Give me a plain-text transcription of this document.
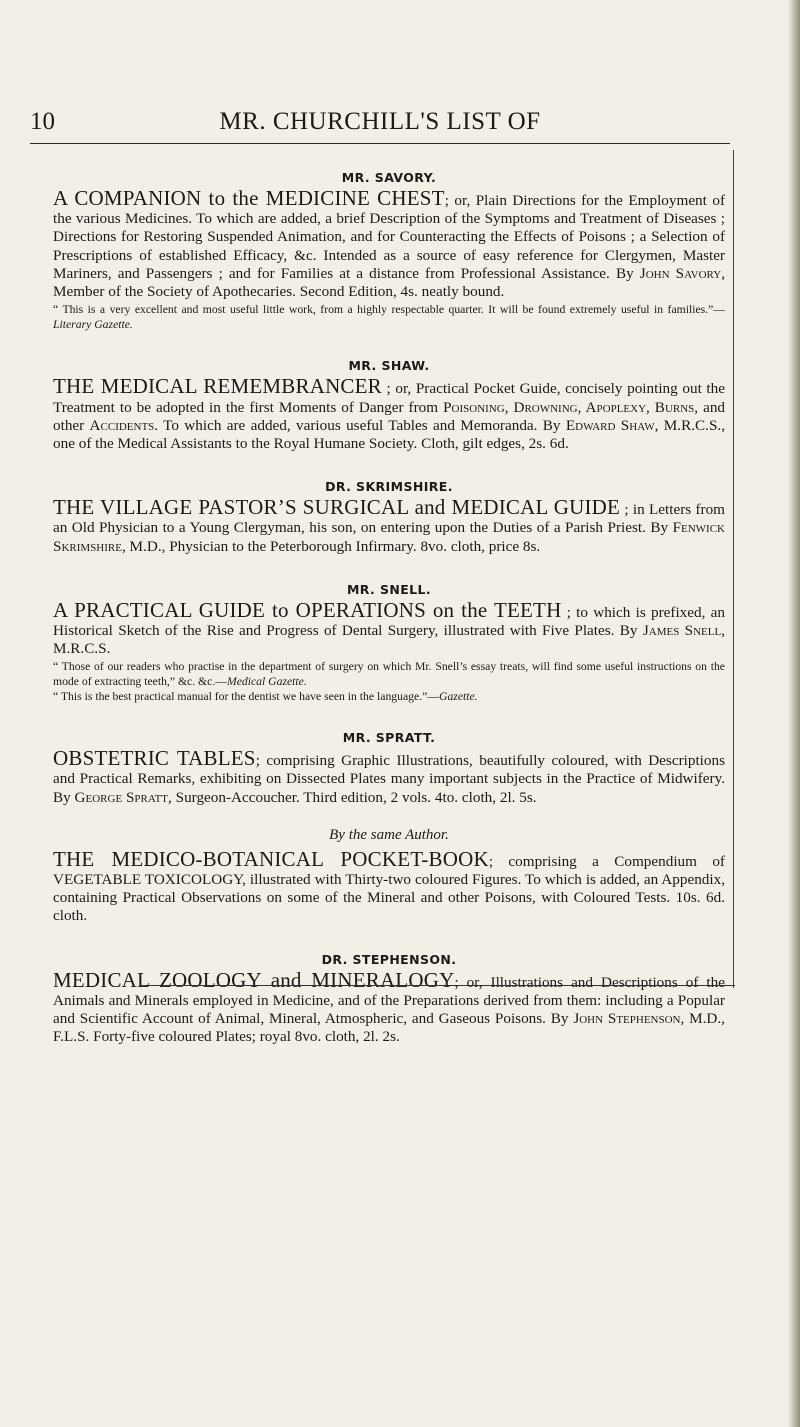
10	MR. CHURCHILL'S LIST OF
MR. SAVORY.

A COMPANION to the MEDICINE CHEST; or, Plain Directions for the Employment of the various Medicines. To which are added, a brief Description of the Symptoms and Treatment of Diseases ; Directions for Restoring Suspended Animation, and for Counteracting the Effects of Poisons ; a Selection of Prescriptions of established Efficacy, &c. Intended as a source of easy reference for Clergymen, Master Mariners, and Passengers ; and for Families at a distance from Professional Assistance. By John Savory, Member of the Society of Apothecaries. Second Edition, 4s. neatly bound.

“ This is a very excellent and most useful little work, from a highly respectable quarter. It will be found extremely useful in families.”—Literary Gazette.

MR. SHAW.

THE MEDICAL REMEMBRANCER ; or, Practical Pocket Guide, concisely pointing out the Treatment to be adopted in the first Moments of Danger from Poisoning, Drowning, Apoplexy, Burns, and other Accidents. To which are added, various useful Tables and Memoranda. By Edward Shaw, M.R.C.S., one of the Medical Assistants to the Royal Humane Society. Cloth, gilt edges, 2s. 6d.

DR. SKRIMSHIRE.

THE VILLAGE PASTOR’S SURGICAL and MEDICAL GUIDE ; in Letters from an Old Physician to a Young Clergyman, his son, on entering upon the Duties of a Parish Priest. By Fenwick Skrimshire, M.D., Physician to the Peterborough Infirmary. 8vo. cloth, price 8s.

MR. SNELL.

A PRACTICAL GUIDE to OPERATIONS on the TEETH ; to which is prefixed, an Historical Sketch of the Rise and Progress of Dental Surgery, illustrated with Five Plates. By James Snell, M.R.C.S.

“ Those of our readers who practise in the department of surgery on which Mr. Snell’s essay treats, will find some useful instructions on the mode of extracting teeth,” &c. &c.—Medical Gazette.

“ This is the best practical manual for the dentist we have seen in the language.”—Gazette.

MR. SPRATT.

OBSTETRIC TABLES; comprising Graphic Illustrations, beautifully coloured, with Descriptions and Practical Remarks, exhibiting on Dissected Plates many important subjects in the Practice of Midwifery. By George Spratt, Surgeon-Accoucher. Third edition, 2 vols. 4to. cloth, 2l. 5s.

By the same Author.

THE MEDICO-BOTANICAL POCKET-BOOK; comprising a Compendium of VEGETABLE TOXICOLOGY, illustrated with Thirty-two coloured Figures. To which is added, an Appendix, containing Practical Observations on some of the Mineral and other Poisons, with Coloured Tests. 10s. 6d. cloth.

DR. STEPHENSON.

MEDICAL ZOOLOGY and MINERALOGY; or, Illustrations and Descriptions of the Animals and Minerals employed in Medicine, and of the Preparations derived from them: including a Popular and Scientific Account of Animal, Mineral, Atmospheric, and Gaseous Poisons. By John Stephenson, M.D., F.L.S. Forty-five coloured Plates; royal 8vo. cloth, 2l. 2s.
